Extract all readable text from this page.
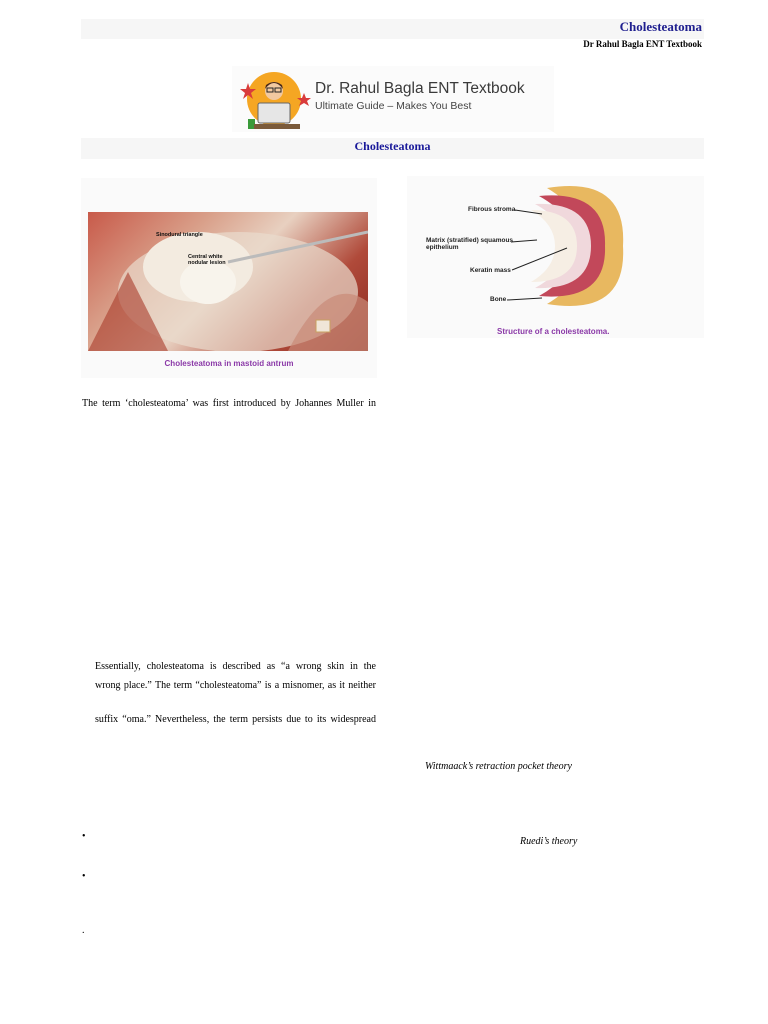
Cholesteatoma
Dr Rahul Bagla ENT Textbook
Dr. Rahul Bagla ENT Textbook
Ultimate Guide – Makes You Best
Cholesteatoma
Sinodural triangle
Central white nodular lesion
Cholesteatoma in mastoid antrum
Fibrous stroma
Matrix (stratified) squamous epithelium
Keratin mass
Bone
Structure of a cholesteatoma.
The term ‘cholesteatoma’ was first introduced by Johannes Muller in
Essentially, cholesteatoma is described as “a wrong skin in the
wrong place.” The term “cholesteatoma” is a misnomer, as it neither
suffix “oma.” Nevertheless, the term persists due to its widespread
Wittmaack’s retraction pocket theory
Ruedi’s theory
•
•
.
